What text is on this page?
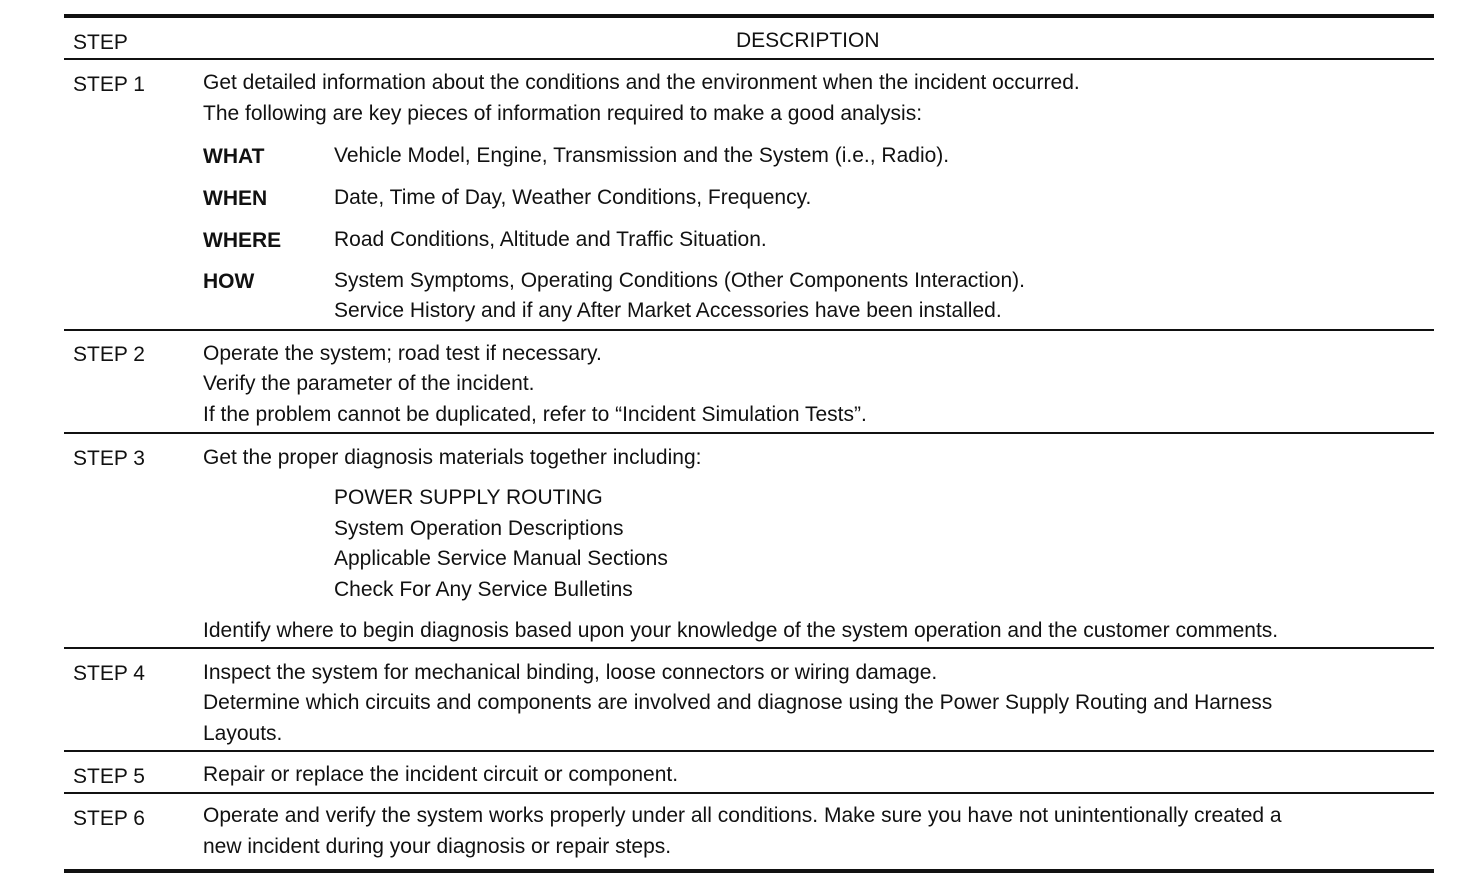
STEP	DESCRIPTION
STEP 1	Get detailed information about the conditions and the environment when the incident occurred.
The following are key pieces of information required to make a good analysis:
WHAT	Vehicle Model, Engine, Transmission and the System (i.e., Radio).
WHEN	Date, Time of Day, Weather Conditions, Frequency.
WHERE	Road Conditions, Altitude and Traffic Situation.
HOW	System Symptoms, Operating Conditions (Other Components Interaction).
Service History and if any After Market Accessories have been installed.
STEP 2	Operate the system; road test if necessary.
Verify the parameter of the incident.
If the problem cannot be duplicated, refer to “Incident Simulation Tests”.
STEP 3	Get the proper diagnosis materials together including:
POWER SUPPLY ROUTING
System Operation Descriptions
Applicable Service Manual Sections
Check For Any Service Bulletins
Identify where to begin diagnosis based upon your knowledge of the system operation and the customer comments.
STEP 4	Inspect the system for mechanical binding, loose connectors or wiring damage.
Determine which circuits and components are involved and diagnose using the Power Supply Routing and Harness
Layouts.
STEP 5	Repair or replace the incident circuit or component.
STEP 6	Operate and verify the system works properly under all conditions. Make sure you have not unintentionally created a
new incident during your diagnosis or repair steps.
